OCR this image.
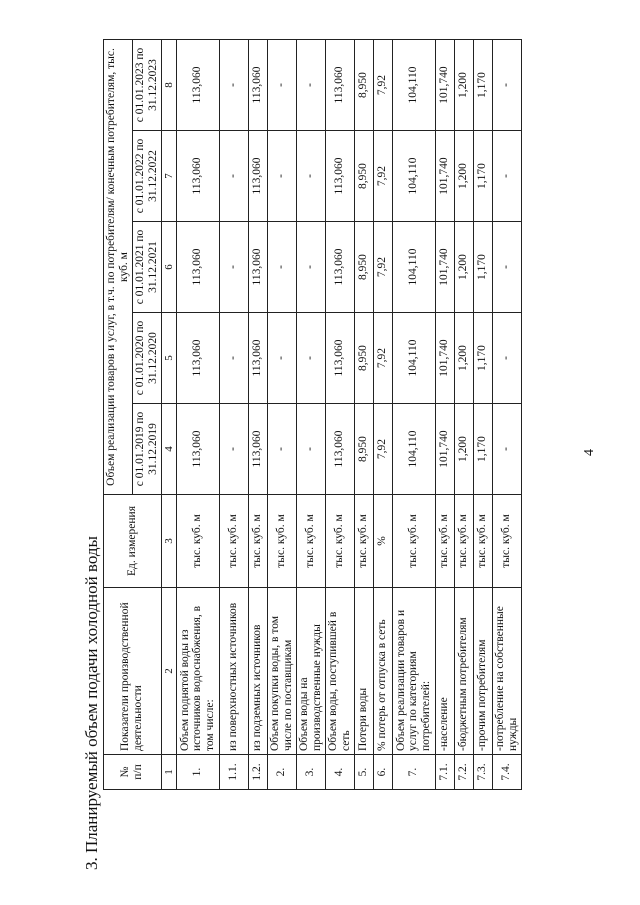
3. Планируемый объем подачи холодной воды №
п/п	Показатели производственной деятельности	Ед. измерения	Объем реализации товаров и услуг, в т.ч. по потребителям/ конечным потребителям, тыс. куб. м				
			с 01.01.2019 по 31.12.2019	с 01.01.2020 по 31.12.2020	с 01.01.2021 по 31.12.2021	с 01.01.2022 по 31.12.2022	с 01.01.2023 по 31.12.2023
1	2	3	4	5	6	7	8
1.	Объем поднятой воды из источников водоснабжения, в том числе:	тыс. куб. м	113,060	113,060	113,060	113,060	113,060
1.1.	из поверхностных источников	тыс. куб. м	-	-	-	-	-
1.2.	из подземных источников	тыс. куб. м	113,060	113,060	113,060	113,060	113,060
2.	Объем покупки воды, в том числе по поставщикам	тыс. куб. м	-	-	-	-	-
3.	Объем воды на производственные нужды	тыс. куб. м	-	-	-	-	-
4.	Объем воды, поступившей в сеть	тыс. куб. м	113,060	113,060	113,060	113,060	113,060
5.	Потери воды	тыс. куб. м	8,950	8,950	8,950	8,950	8,950
6.	% потерь от отпуска в сеть	%	7,92	7,92	7,92	7,92	7,92
7.	Объем реализации товаров и услуг по категориям потребителей:	тыс. куб. м	104,110	104,110	104,110	104,110	104,110
7.1.	-население	тыс. куб. м	101,740	101,740	101,740	101,740	101,740
7.2.	-бюджетным потребителям	тыс. куб. м	1,200	1,200	1,200	1,200	1,200
7.3.	-прочим потребителям	тыс. куб. м	1,170	1,170	1,170	1,170	1,170
7.4.	-потребление на собственные нужды	тыс. куб. м	-	-	-	-	-
4
